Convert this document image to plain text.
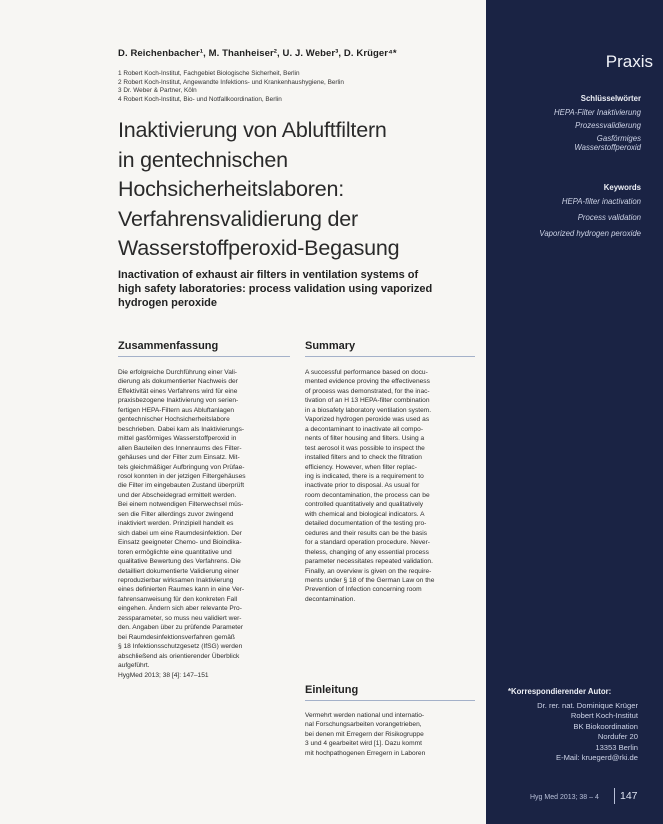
D. Reichenbacher¹, M. Thanheiser², U. J. Weber³, D. Krüger⁴*
1 Robert Koch-Institut, Fachgebiet Biologische Sicherheit, Berlin
2 Robert Koch-Institut, Angewandte Infektions- und Krankenhaushygiene, Berlin
3 Dr. Weber & Partner, Köln
4 Robert Koch-Institut, Bio- und Notfallkoordination, Berlin
Inaktivierung von Abluftfiltern
in gentechnischen
Hochsicherheitslaboren:
Verfahrensvalidierung der
Wasserstoffperoxid-Begasung
Inactivation of exhaust air filters in ventilation systems of
high safety laboratories: process validation using vaporized
hydrogen peroxide
Zusammenfassung
Die erfolgreiche Durchführung einer Vali-
dierung als dokumentierter Nachweis der
Effektivität eines Verfahrens wird für eine
praxisbezogene Inaktivierung von serien-
fertigen HEPA-Filtern aus Abluftanlagen
gentechnischer Hochsicherheitslabore
beschrieben. Dabei kam als Inaktivierungs-
mittel gasförmiges Wasserstoffperoxid in
allen Bauteilen des Innenraums des Filter-
gehäuses und der Filter zum Einsatz. Mit-
tels gleichmäßiger Aufbringung von Prüfae-
rosol konnten in der jetzigen Filtergehäuses
die Filter im eingebauten Zustand überprüft
und der Abscheidegrad ermittelt werden.
Bei einem notwendigen Filterwechsel müs-
sen die Filter allerdings zuvor zwingend
inaktiviert werden. Prinzipiell handelt es
sich dabei um eine Raumdesinfektion. Der
Einsatz geeigneter Chemo- und Bioindika-
toren ermöglichte eine quantitative und
qualitative Bewertung des Verfahrens. Die
detailliert dokumentierte Validierung einer
reproduzierbar wirksamen Inaktivierung
eines definierten Raumes kann in eine Ver-
fahrensanweisung für den konkreten Fall
eingehen. Ändern sich aber relevante Pro-
zessparameter, so muss neu validiert wer-
den. Angaben über zu prüfende Parameter
bei Raumdesinfektionsverfahren gemäß
§ 18 Infektionsschutzgesetz (IfSG) werden
abschließend als orientierender Überblick
aufgeführt.
HygMed 2013; 38 [4]: 147–151
Summary
A successful performance based on docu-
mented evidence proving the effectiveness
of process was demonstrated, for the inac-
tivation of an H 13 HEPA-filter combination
in a biosafety laboratory ventilation system.
Vaporized hydrogen peroxide was used as
a decontaminant to inactivate all compo-
nents of filter housing and filters. Using a
test aerosol it was possible to inspect the
installed filters and to check the filtration
efficiency. However, when filter replac-
ing is indicated, there is a requirement to
inactivate prior to disposal. As usual for
room decontamination, the process can be
controlled quantitatively and qualitatively
with chemical and biological indicators. A
detailed documentation of the testing pro-
cedures and their results can be the basis
for a standard operation procedure. Never-
theless, changing of any essential process
parameter necessitates repeated validation.
Finally, an overview is given on the require-
ments under § 18 of the German Law on the
Prevention of Infection concerning room
decontamination.
Einleitung
Vermehrt werden national und internatio-
nal Forschungsarbeiten vorangetrieben,
bei denen mit Erregern der Risikogruppe
3 und 4 gearbeitet wird [1]. Dazu kommt
mit hochpathogenen Erregern in Laboren
Praxis
Schlüsselwörter
HEPA-Filter Inaktivierung
Prozessvalidierung
Gasförmiges
Wasserstoffperoxid
Keywords
HEPA-filter inactivation
Process validation
Vaporized hydrogen peroxide
*Korrespondierender Autor:
Dr. rer. nat. Dominique Krüger
Robert Koch-Institut
BK Biokoordination
Nordufer 20
13353 Berlin
E-Mail: kruegerd@rki.de
Hyg Med 2013; 38 – 4 147
